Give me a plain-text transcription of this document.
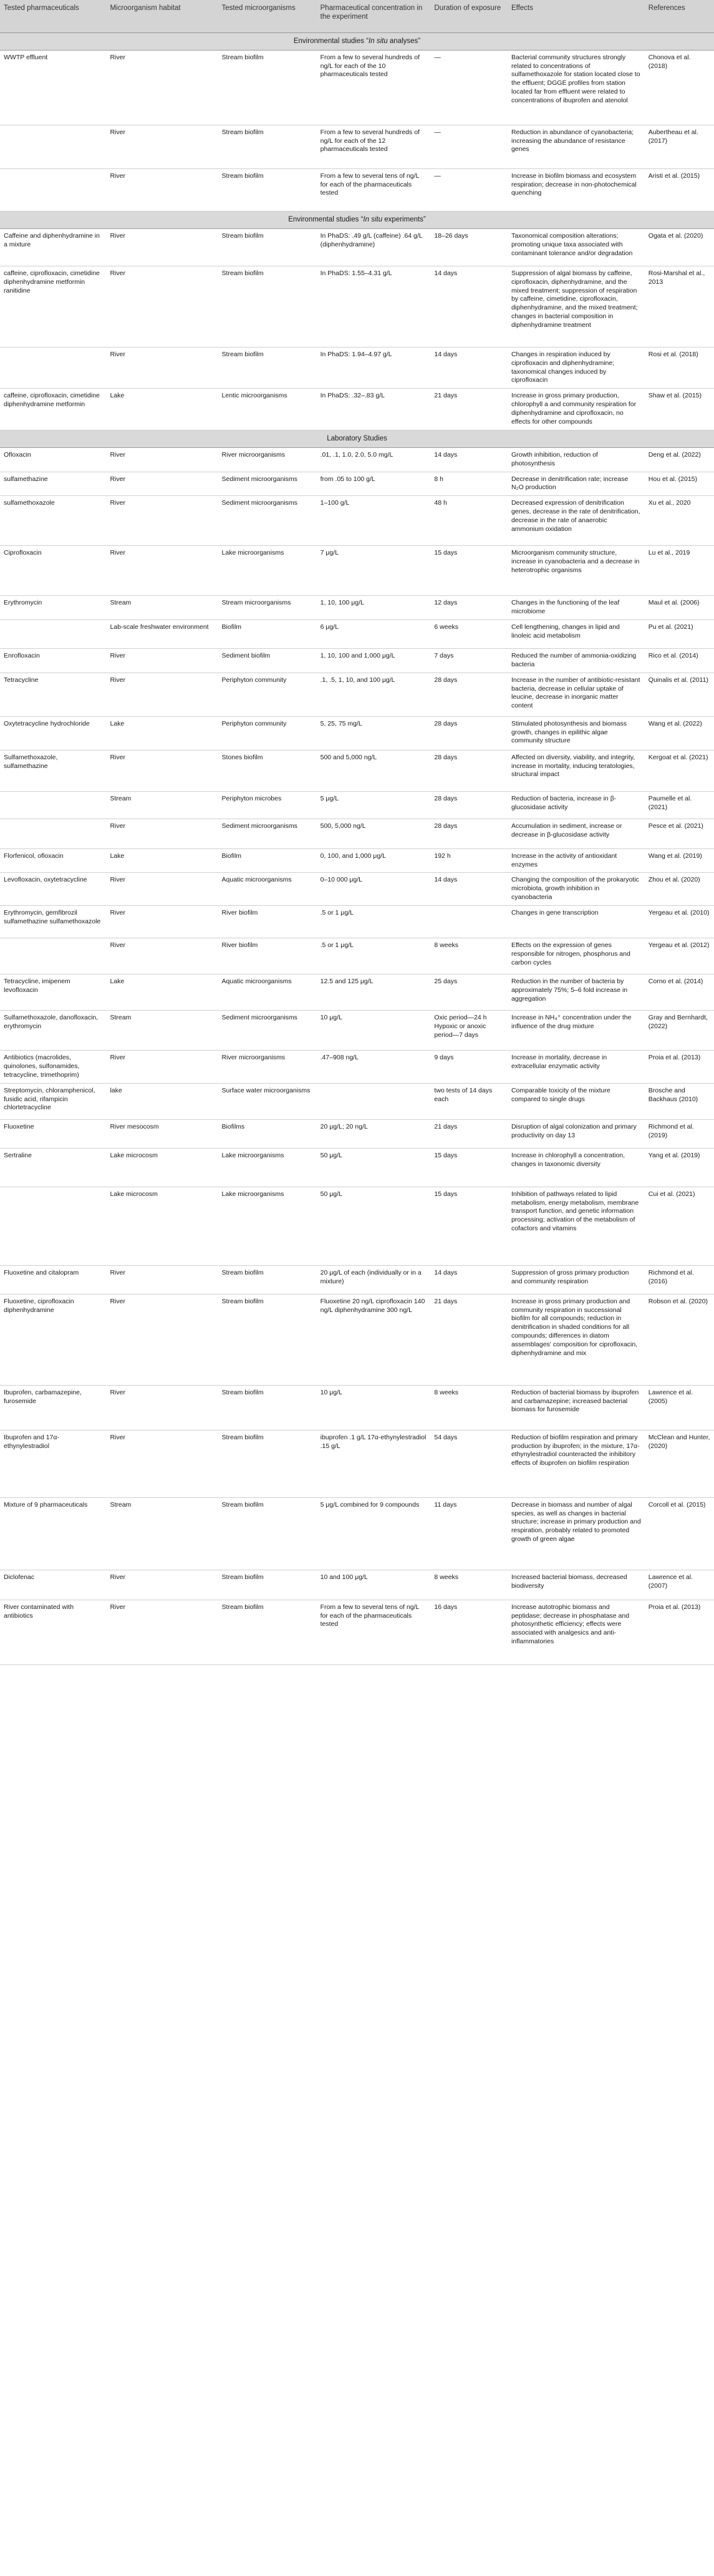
Tested pharmaceuticals	Microorganism habitat	Tested microorganisms	Pharmaceutical concentration in the experiment	Duration of exposure	Effects	References
Environmental studies “In situ analyses”						
WWTP effluent	River	Stream biofilm	From a few to several hundreds of ng/L for each of the 10 pharmaceuticals tested	—	Bacterial community structures strongly related to concentrations of sulfamethoxazole for station located close to the effluent; DGGE profiles from station located far from effluent were related to concentrations of ibuprofen and atenolol	Chonova et al. (2018)
	River	Stream biofilm	From a few to several hundreds of ng/L for each of the 12 pharmaceuticals tested	—	Reduction in abundance of cyanobacteria; increasing the abundance of resistance genes	Aubertheau et al. (2017)
	River	Stream biofilm	From a few to several tens of ng/L for each of the pharmaceuticals tested	—	Increase in biofilm biomass and ecosystem respiration; decrease in non-photochemical quenching	Aristi et al. (2015)
Environmental studies “In situ experiments”						
Caffeine and diphenhydramine in a mixture	River	Stream biofilm	In PhaDS: .49 g/L (caffeine) .64 g/L (diphenhydramine)	18–26 days	Taxonomical composition alterations; promoting unique taxa associated with contaminant tolerance and/or degradation	Ogata et al. (2020)
caffeine, ciprofloxacin, cimetidine diphenhydramine metformin ranitidine	River	Stream biofilm	In PhaDS: 1.55–4.31 g/L	14 days	Suppression of algal biomass by caffeine, ciprofloxacin, diphenhydramine, and the mixed treatment; suppression of respiration by caffeine, cimetidine, ciprofloxacin, diphenhydramine, and the mixed treatment; changes in bacterial composition in diphenhydramine treatment	Rosi-Marshal et al., 2013
	River	Stream biofilm	In PhaDS: 1.94–4.97 g/L	14 days	Changes in respiration induced by ciprofloxacin and diphenhydramine; taxonomical changes induced by ciprofloxacin	Rosi et al. (2018)
caffeine, ciprofloxacin, cimetidine diphenhydramine metformin	Lake	Lentic microorganisms	In PhaDS: .32–.83 g/L	21 days	Increase in gross primary production, chlorophyll a and community respiration for diphenhydramine and ciprofloxacin, no effects for other compounds	Shaw et al. (2015)
Laboratory Studies						
Ofloxacin	River	River microorganisms	.01, .1, 1.0, 2.0, 5.0 mg/L	14 days	Growth inhibition, reduction of photosynthesis	Deng et al. (2022)
sulfamethazine	River	Sediment microorganisms	from .05 to 100 g/L	8 h	Decrease in denitrification rate; increase N₂O production	Hou et al. (2015)
sulfamethoxazole	River	Sediment microorganisms	1–100 g/L	48 h	Decreased expression of denitrification genes, decrease in the rate of denitrification, decrease in the rate of anaerobic ammonium oxidation	Xu et al., 2020
Ciprofloxacin	River	Lake microorganisms	7 μg/L	15 days	Microorganism community structure, increase in cyanobacteria and a decrease in heterotrophic organisms	Lu et al., 2019
Erythromycin	Stream	Stream microorganisms	1, 10, 100 μg/L	12 days	Changes in the functioning of the leaf microbiome	Maul et al. (2006)
	Lab-scale freshwater environment	Biofilm	6 μg/L	6 weeks	Cell lengthening, changes in lipid and linoleic acid metabolism	Pu et al. (2021)
Enrofloxacin	River	Sediment biofilm	1, 10, 100 and 1,000 μg/L	7 days	Reduced the number of ammonia-oxidizing bacteria	Rico et al. (2014)
Tetracycline	River	Periphyton community	.1, .5, 1, 10, and 100 μg/L	28 days	Increase in the number of antibiotic-resistant bacteria, decrease in cellular uptake of leucine, decrease in inorganic matter content	Quinalis et al. (2011)
Oxytetracycline hydrochloride	Lake	Periphyton community	5, 25, 75 mg/L	28 days	Stimulated photosynthesis and biomass growth, changes in epilithic algae community structure	Wang et al. (2022)
Sulfamethoxazole, sulfamethazine	River	Stones biofilm	500 and 5,000 ng/L	28 days	Affected on diversity, viability, and integrity, increase in mortality, inducing teratologies, structural impact	Kergoat et al. (2021)
	Stream	Periphyton microbes	5 μg/L	28 days	Reduction of bacteria, increase in β- glucosidase activity	Paumelle et al. (2021)
	River	Sediment microorganisms	500, 5,000 ng/L	28 days	Accumulation in sediment, increase or decrease in β-glucosidase activity	Pesce et al. (2021)
Florfenicol, ofloxacin	Lake	Biofilm	0, 100, and 1,000 μg/L	192 h	Increase in the activity of antioxidant enzymes	Wang et al. (2019)
Levofloxacin, oxytetracycline	River	Aquatic microorganisms	0–10 000 μg/L	14 days	Changing the composition of the prokaryotic microbiota, growth inhibition in cyanobacteria	Zhou et al. (2020)
Erythromycin, gemfibrozil sulfamethazine sulfamethoxazole	River	River biofilm	.5 or 1 μg/L		Changes in gene transcription	Yergeau et al. (2010)
	River	River biofilm	.5 or 1 μg/L	8 weeks	Effects on the expression of genes responsible for nitrogen, phosphorus and carbon cycles	Yergeau et al. (2012)
Tetracycline, imipenem levofloxacin	Lake	Aquatic microorganisms	12.5 and 125 μg/L	25 days	Reduction in the number of bacteria by approximately 75%; 5–6 fold increase in aggregation	Corno et al. (2014)
Sulfamethoxazole, danofloxacin, erythromycin	Stream	Sediment microorganisms	10 μg/L	Oxic period—24 h Hypoxic or anoxic period—7 days	Increase in NH₄⁺ concentration under the influence of the drug mixture	Gray and Bernhardt, (2022)
Antibiotics (macrolides, quinolones, sulfonamides, tetracycline, trimethoprim)	River	River microorganisms	.47–908 ng/L	9 days	Increase in mortality, decrease in extracellular enzymatic activity	Proia et al. (2013)
Streptomycin, chloramphenicol, fusidic acid, rifampicin chlortetracycline	lake	Surface water microorganisms		two tests of 14 days each	Comparable toxicity of the mixture compared to single drugs	Brosche and Backhaus (2010)
Fluoxetine	River mesocosm	Biofilms	20 μg/L; 20 ng/L	21 days	Disruption of algal colonization and primary productivity on day 13	Richmond et al. (2019)
Sertraline	Lake microcosm	Lake microorganisms	50 μg/L	15 days	Increase in chlorophyll a concentration, changes in taxonomic diversity	Yang et al. (2019)
	Lake microcosm	Lake microorganisms	50 μg/L	15 days	Inhibition of pathways related to lipid metabolism, energy metabolism, membrane transport function, and genetic information processing; activation of the metabolism of cofactors and vitamins	Cui et al. (2021)
Fluoxetine and citalopram	River	Stream biofilm	20 μg/L of each (individually or in a mixture)	14 days	Suppression of gross primary production and community respiration	Richmond et al. (2016)
Fluoxetine, ciprofloxacin diphenhydramine	River	Stream biofilm	Fluoxetine 20 ng/L ciprofloxacin 140 ng/L diphenhydramine 300 ng/L	21 days	Increase in gross primary production and community respiration in successional biofilm for all compounds; reduction in denitrification in shaded conditions for all compounds; differences in diatom assemblages' composition for ciprofloxacin, diphenhydramine and mix	Robson et al. (2020)
Ibuprofen, carbamazepine, furosemide	River	Stream biofilm	10 μg/L	8 weeks	Reduction of bacterial biomass by ibuprofen and carbamazepine; increased bacterial biomass for furosemide	Lawrence et al. (2005)
Ibuprofen and 17α-ethynylestradiol	River	Stream biofilm	ibuprofen .1 g/L 17α-ethynylestradiol .15 g/L	54 days	Reduction of biofilm respiration and primary production by ibuprofen; in the mixture, 17α-ethynylestradiol counteracted the inhibitory effects of ibuprofen on biofilm respiration	McClean and Hunter, (2020)
Mixture of 9 pharmaceuticals	Stream	Stream biofilm	5 μg/L combined for 9 compounds	11 days	Decrease in biomass and number of algal species, as well as changes in bacterial structure; increase in primary production and respiration, probably related to promoted growth of green algae	Corcoll et al. (2015)
Diclofenac	River	Stream biofilm	10 and 100 μg/L	8 weeks	Increased bacterial biomass, decreased biodiversity	Lawrence et al. (2007)
River contaminated with antibiotics	River	Stream biofilm	From a few to several tens of ng/L for each of the pharmaceuticals tested	16 days	Increase autotrophic biomass and peptidase; decrease in phosphatase and photosynthetic efficiency; effects were associated with analgesics and anti-inflammatories	Proia et al. (2013)
